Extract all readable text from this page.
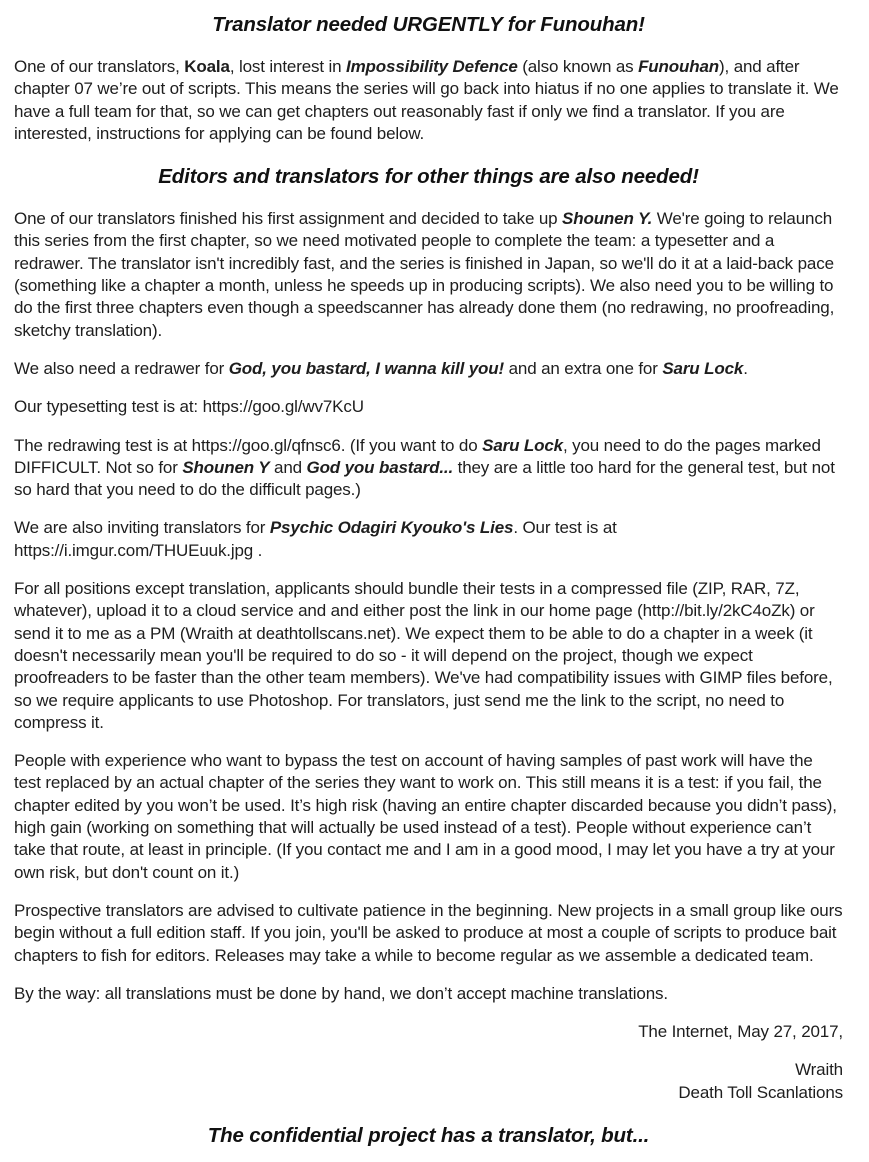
Translator needed URGENTLY for Funouhan!
One of our translators, Koala, lost interest in Impossibility Defence (also known as Funouhan), and after chapter 07 we’re out of scripts. This means the series will go back into hiatus if no one applies to translate it. We have a full team for that, so we can get chapters out reasonably fast if only we find a translator. If you are interested, instructions for applying can be found below.
Editors and translators for other things are also needed!
One of our translators finished his first assignment and decided to take up Shounen Y. We're going to relaunch this series from the first chapter, so we need motivated people to complete the team: a typesetter and a redrawer. The translator isn't incredibly fast, and the series is finished in Japan, so we'll do it at a laid-back pace (something like a chapter a month, unless he speeds up in producing scripts). We also need you to be willing to do the first three chapters even though a speedscanner has already done them (no redrawing, no proofreading, sketchy translation).
We also need a redrawer for God, you bastard, I wanna kill you! and an extra one for Saru Lock.
Our typesetting test is at: https://goo.gl/wv7KcU
The redrawing test is at https://goo.gl/qfnsc6. (If you want to do Saru Lock, you need to do the pages marked DIFFICULT. Not so for Shounen Y and God you bastard... they are a little too hard for the general test, but not so hard that you need to do the difficult pages.)
We are also inviting translators for Psychic Odagiri Kyouko's Lies. Our test is at https://i.imgur.com/THUEuuk.jpg .
For all positions except translation, applicants should bundle their tests in a compressed file (ZIP, RAR, 7Z, whatever), upload it to a cloud service and and either post the link in our home page (http://bit.ly/2kC4oZk) or send it to me as a PM (Wraith at deathtollscans.net). We expect them to be able to do a chapter in a week (it doesn't necessarily mean you'll be required to do so - it will depend on the project, though we expect proofreaders to be faster than the other team members). We've had compatibility issues with GIMP files before, so we require applicants to use Photoshop. For translators, just send me the link to the script, no need to compress it.
People with experience who want to bypass the test on account of having samples of past work will have the test replaced by an actual chapter of the series they want to work on. This still means it is a test: if you fail, the chapter edited by you won’t be used. It’s high risk (having an entire chapter discarded because you didn’t pass), high gain (working on something that will actually be used instead of a test). People without experience can’t take that route, at least in principle. (If you contact me and I am in a good mood, I may let you have a try at your own risk, but don't count on it.)
Prospective translators are advised to cultivate patience in the beginning. New projects in a small group like ours begin without a full edition staff. If you join, you'll be asked to produce at most a couple of scripts to produce bait chapters to fish for editors. Releases may take a while to become regular as we assemble a dedicated team.
By the way: all translations must be done by hand, we don’t accept machine translations.
The Internet, May 27, 2017,
Wraith
Death Toll Scanlations
The confidential project has a translator, but...
